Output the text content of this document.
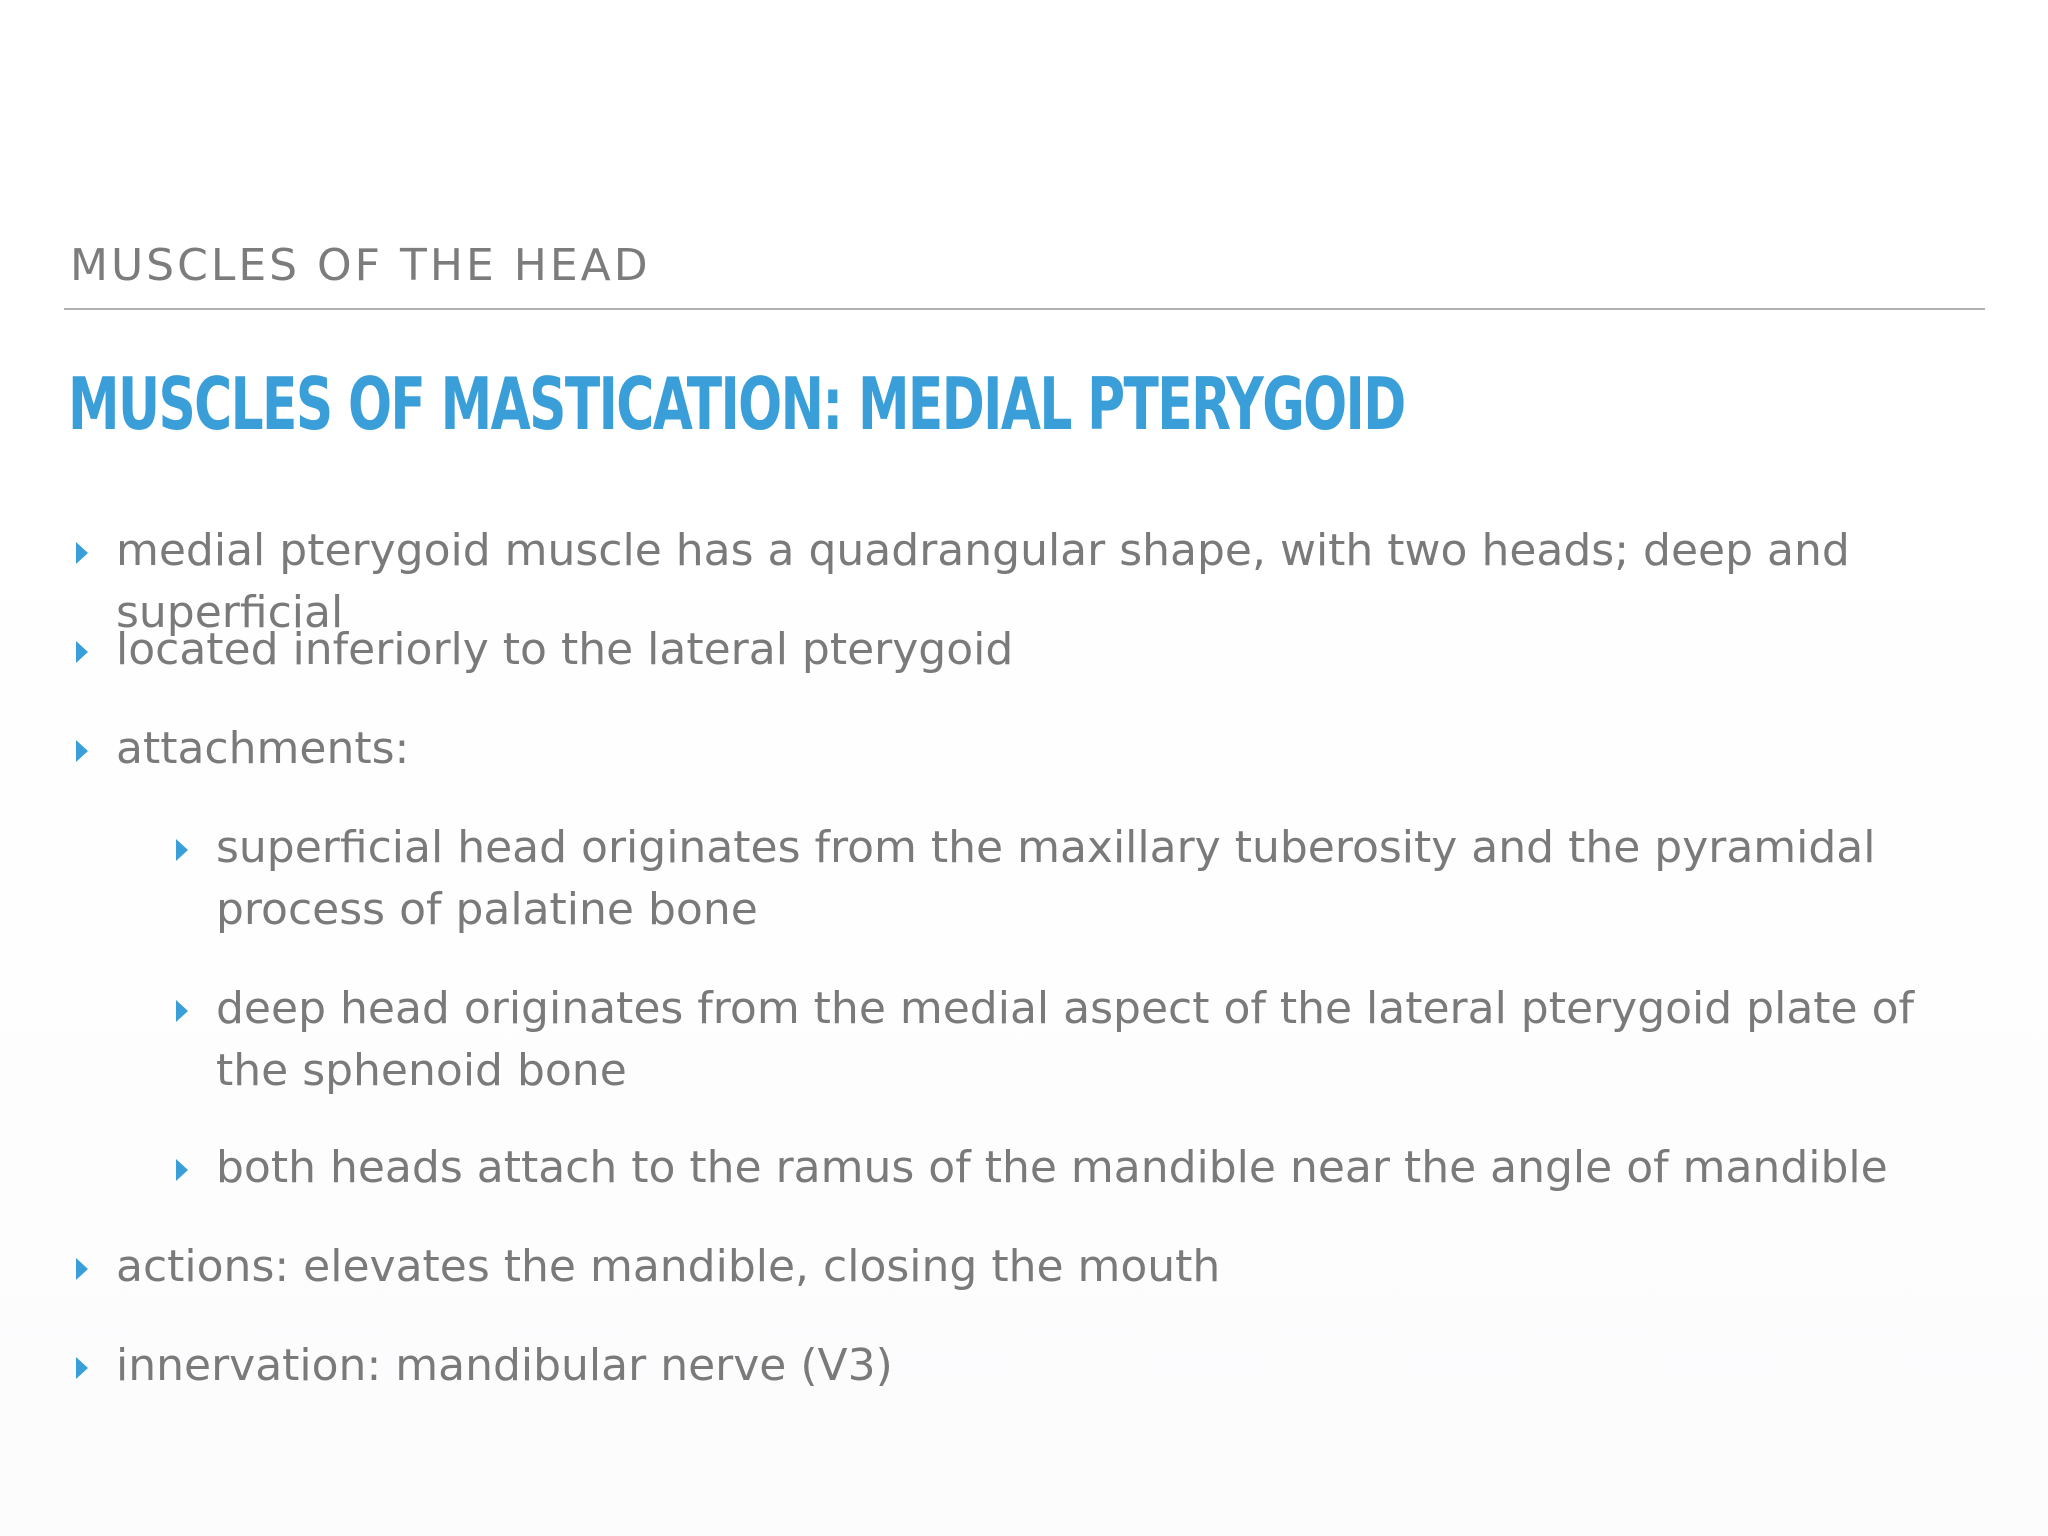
MUSCLES OF THE HEAD
MUSCLES OF MASTICATION: MEDIAL PTERYGOID
medial pterygoid muscle has a quadrangular shape, with two heads; deep and superficial
located inferiorly to the lateral pterygoid
attachments:
superficial head originates from the maxillary tuberosity and the pyramidal process of palatine bone
deep head originates from the medial aspect of the lateral pterygoid plate of the sphenoid bone
both heads attach to the ramus of the mandible near the angle of mandible
actions: elevates the mandible, closing the mouth
innervation: mandibular nerve (V3)
